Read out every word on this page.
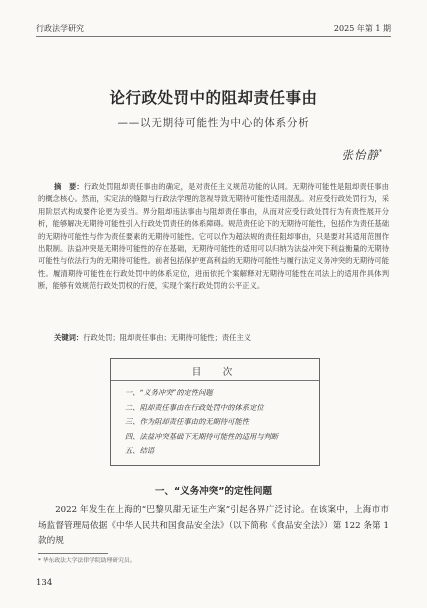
行政法学研究	2025 年第 1 期
论行政处罚中的阻却责任事由
——以无期待可能性为中心的体系分析
张怡静*
摘　要：行政处罚阻却责任事由的确定，是对责任主义规范功能的认同。无期待可能性是阻却责任事由的概念核心。然而，实定法的缝隙与行政法学理的忽视导致无期待可能性适用混乱。对应受行政处罚行为，采用阶层式构成要件论更为妥当。界分阻却违法事由与阻却责任事由，从而对应受行政处罚行为有责性展开分析，能够解决无期待可能性引入行政处罚责任的体系障碍。规范责任论下的无期待可能性，包括作为责任基础的无期待可能性与作为责任要素的无期待可能性。它可以作为超法规的责任阻却事由，只是要对其适用范围作出限制。法益冲突是无期待可能性的存在基础，无期待可能性的适用可以归纳为法益冲突下利益衡量的无期待可能性与依法行为的无期待可能性。前者包括保护更高利益的无期待可能性与履行法定义务冲突的无期待可能性。履清期待可能性在行政处罚中的体系定位，进而依托个案解释对无期待可能性在司法上的适用作具体判断，能够有效规范行政处罚权的行使，实现个案行政处罚的公平正义。
关键词：行政处罚；阻却责任事由；无期待可能性；责任主义
目　次
一、“义务冲突”的定性问题
二、阻却责任事由在行政处罚中的体系定位
三、作为阻却责任事由的无期待可能性
四、法益冲突基础下无期待可能性的适用与判断
五、结语
一、“义务冲突”的定性问题
2022 年发生在上海的“巴黎贝甜无证生产案”引起各界广泛讨论。在该案中，上海市市场监督管理局依据《中华人民共和国食品安全法》（以下简称《食品安全法》）第 122 条第 1 款的规
* 华东政法大学法律学院助理研究员。
134
